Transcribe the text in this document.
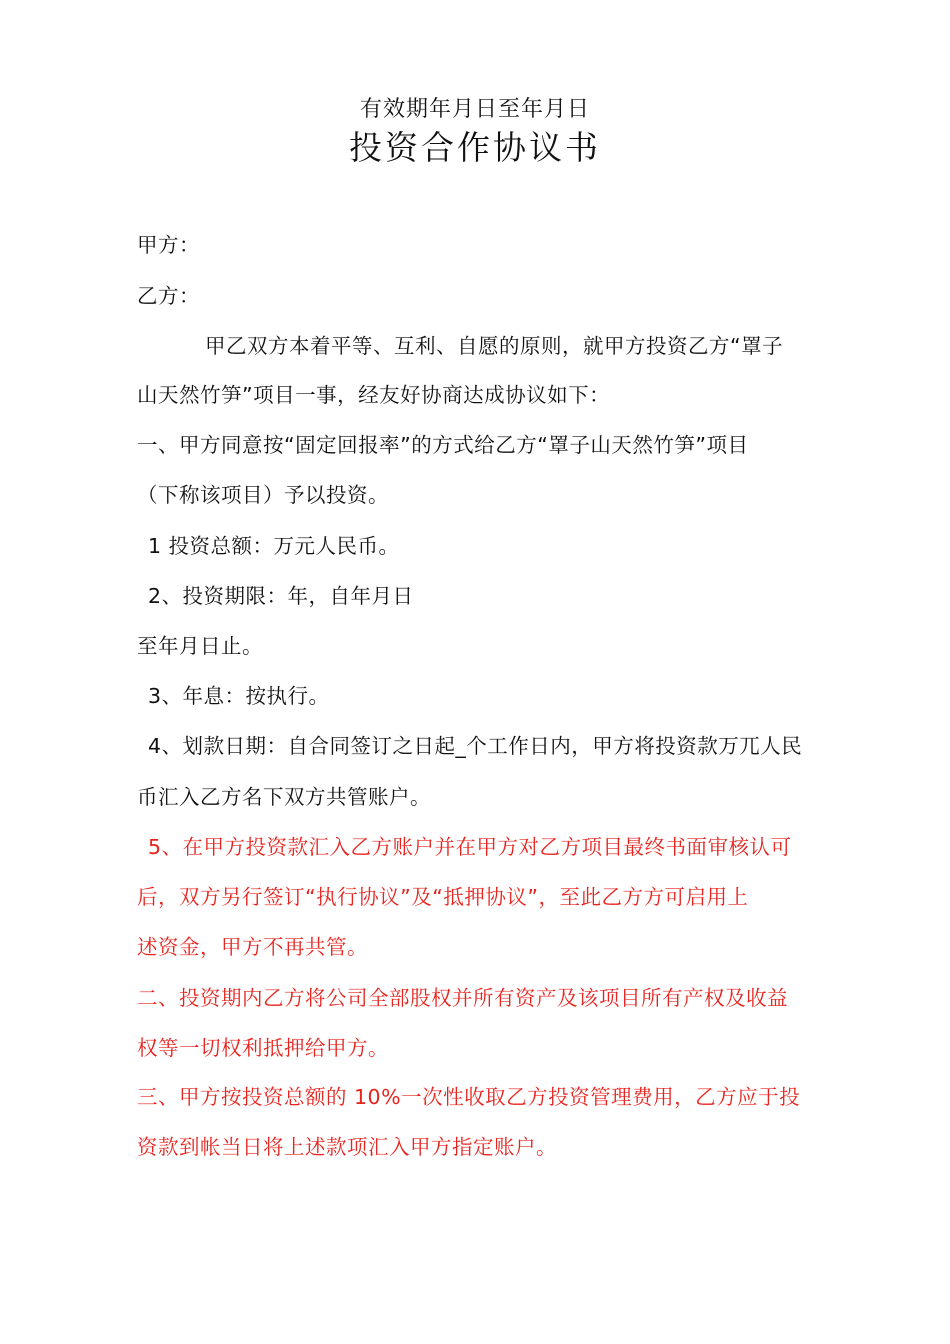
有效期年月日至年月日
投资合作协议书
甲方：
乙方：
甲乙双方本着平等、互利、自愿的原则，就甲方投资乙方“罩子
山天然竹笋”项目一事，经友好协商达成协议如下：
一、甲方同意按“固定回报率”的方式给乙方“罩子山天然竹笋”项目
（下称该项目）予以投资。
1 投资总额：万元人民币。
2、投资期限：年，自年月日
至年月日止。
3、年息：按执行。
4、划款日期：自合同签订之日起_个工作日内，甲方将投资款万兀人民
币汇入乙方名下双方共管账户。
5、在甲方投资款汇入乙方账户并在甲方对乙方项目最终书面审核认可
后，双方另行签订“执行协议”及“抵押协议”，至此乙方方可启用上
述资金，甲方不再共管。
二、投资期内乙方将公司全部股权并所有资产及该项目所有产权及收益
权等一切权利抵押给甲方。
三、甲方按投资总额的 10%一次性收取乙方投资管理费用，乙方应于投
资款到帐当日将上述款项汇入甲方指定账户。
